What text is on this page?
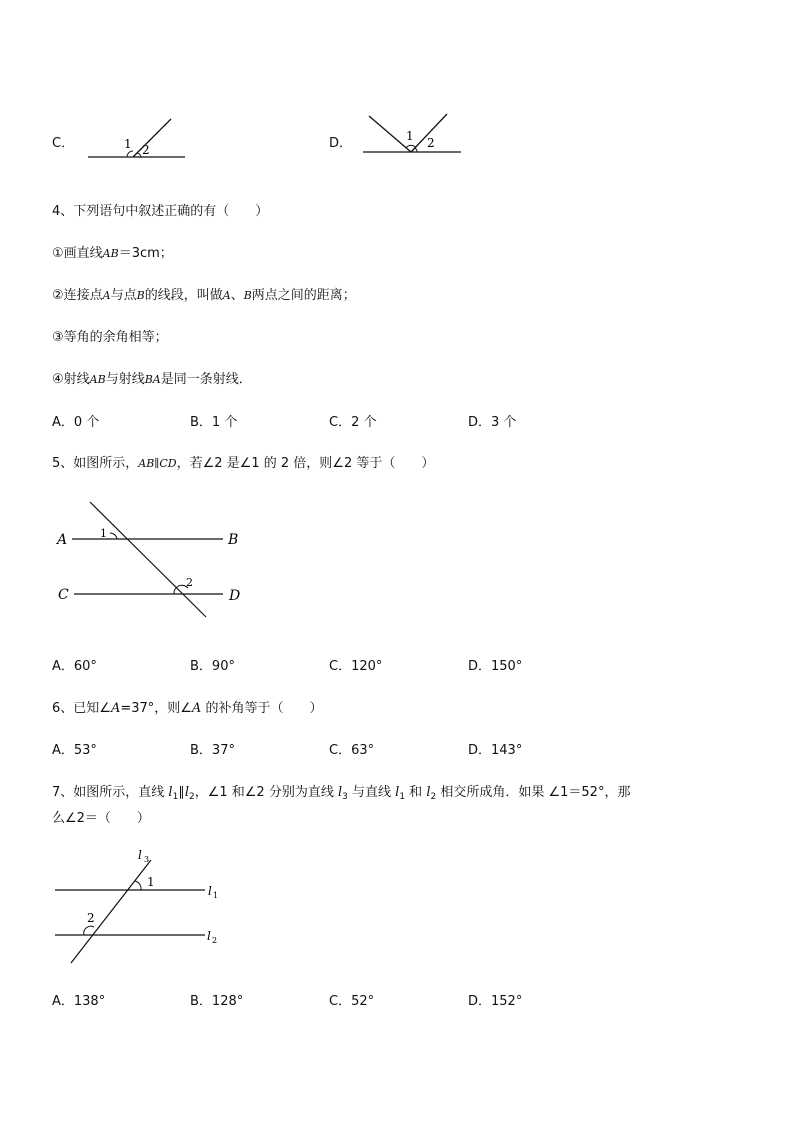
C．	1 2	D．	1 2
4、下列语句中叙述正确的有（　　）
①画直线AB＝3cm；
②连接点A与点B的线段，叫做A、B两点之间的距离；
③等角的余角相等；
④射线AB与射线BA是同一条射线．
A．0 个	B．1 个	C．2 个	D．3 个
5、如图所示，AB∥CD，若∠2 是∠1 的 2 倍，则∠2 等于（　　）
A	B
C	D
1
2
A．60°	B．90°	C．120°	D．150°
6、已知∠A=37°，则∠A 的补角等于（　　）
A．53°	B．37°	C．63°	D．143°
7、如图所示，直线 $l_1\parallel l_2$，∠1 和∠2 分别为直线 $l_3$ 与直线 $l_1$ 和 $l_2$ 相交所成角．如果 ∠1＝52°，那
么∠2＝（　　）
l 3
l 1
l 2
1
2
A．138°	B．128°	C．52°	D．152°
